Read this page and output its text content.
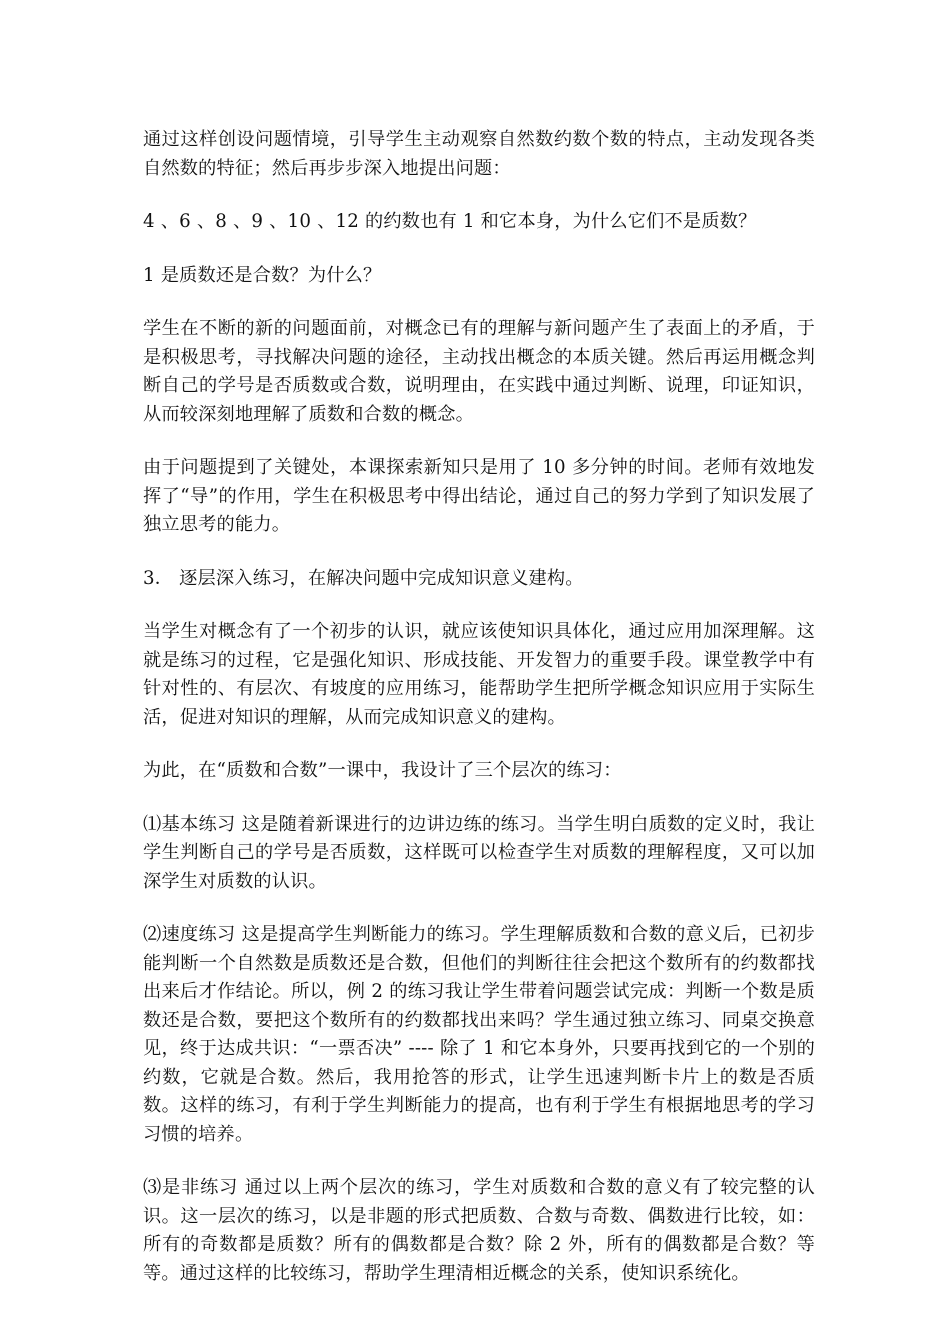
通过这样创设问题情境，引导学生主动观察自然数约数个数的特点，主动发现各类自然数的特征；然后再步步深入地提出问题：

4 、6 、8 、9 、10 、12 的约数也有 1 和它本身，为什么它们不是质数？

1 是质数还是合数？为什么？

学生在不断的新的问题面前，对概念已有的理解与新问题产生了表面上的矛盾，于是积极思考，寻找解决问题的途径，主动找出概念的本质关键。然后再运用概念判断自己的学号是否质数或合数，说明理由，在实践中通过判断、说理，印证知识，从而较深刻地理解了质数和合数的概念。

由于问题提到了关键处，本课探索新知只是用了 10 多分钟的时间。老师有效地发挥了“导”的作用，学生在积极思考中得出结论，通过自己的努力学到了知识发展了独立思考的能力。

3． 逐层深入练习，在解决问题中完成知识意义建构。

当学生对概念有了一个初步的认识，就应该使知识具体化，通过应用加深理解。这就是练习的过程，它是强化知识、形成技能、开发智力的重要手段。课堂教学中有针对性的、有层次、有坡度的应用练习，能帮助学生把所学概念知识应用于实际生活，促进对知识的理解，从而完成知识意义的建构。

为此，在“质数和合数”一课中，我设计了三个层次的练习：

⑴基本练习 这是随着新课进行的边讲边练的练习。当学生明白质数的定义时，我让学生判断自己的学号是否质数，这样既可以检查学生对质数的理解程度，又可以加深学生对质数的认识。

⑵速度练习 这是提高学生判断能力的练习。学生理解质数和合数的意义后，已初步能判断一个自然数是质数还是合数，但他们的判断往往会把这个数所有的约数都找出来后才作结论。所以，例 2 的练习我让学生带着问题尝试完成：判断一个数是质数还是合数，要把这个数所有的约数都找出来吗？学生通过独立练习、同桌交换意见，终于达成共识：“一票否决” ---- 除了 1 和它本身外，只要再找到它的一个别的约数，它就是合数。然后，我用抢答的形式，让学生迅速判断卡片上的数是否质数。这样的练习，有利于学生判断能力的提高，也有利于学生有根据地思考的学习习惯的培养。

⑶是非练习 通过以上两个层次的练习，学生对质数和合数的意义有了较完整的认识。这一层次的练习，以是非题的形式把质数、合数与奇数、偶数进行比较，如：所有的奇数都是质数？所有的偶数都是合数？除 2 外，所有的偶数都是合数？等等。通过这样的比较练习，帮助学生理清相近概念的关系，使知识系统化。
